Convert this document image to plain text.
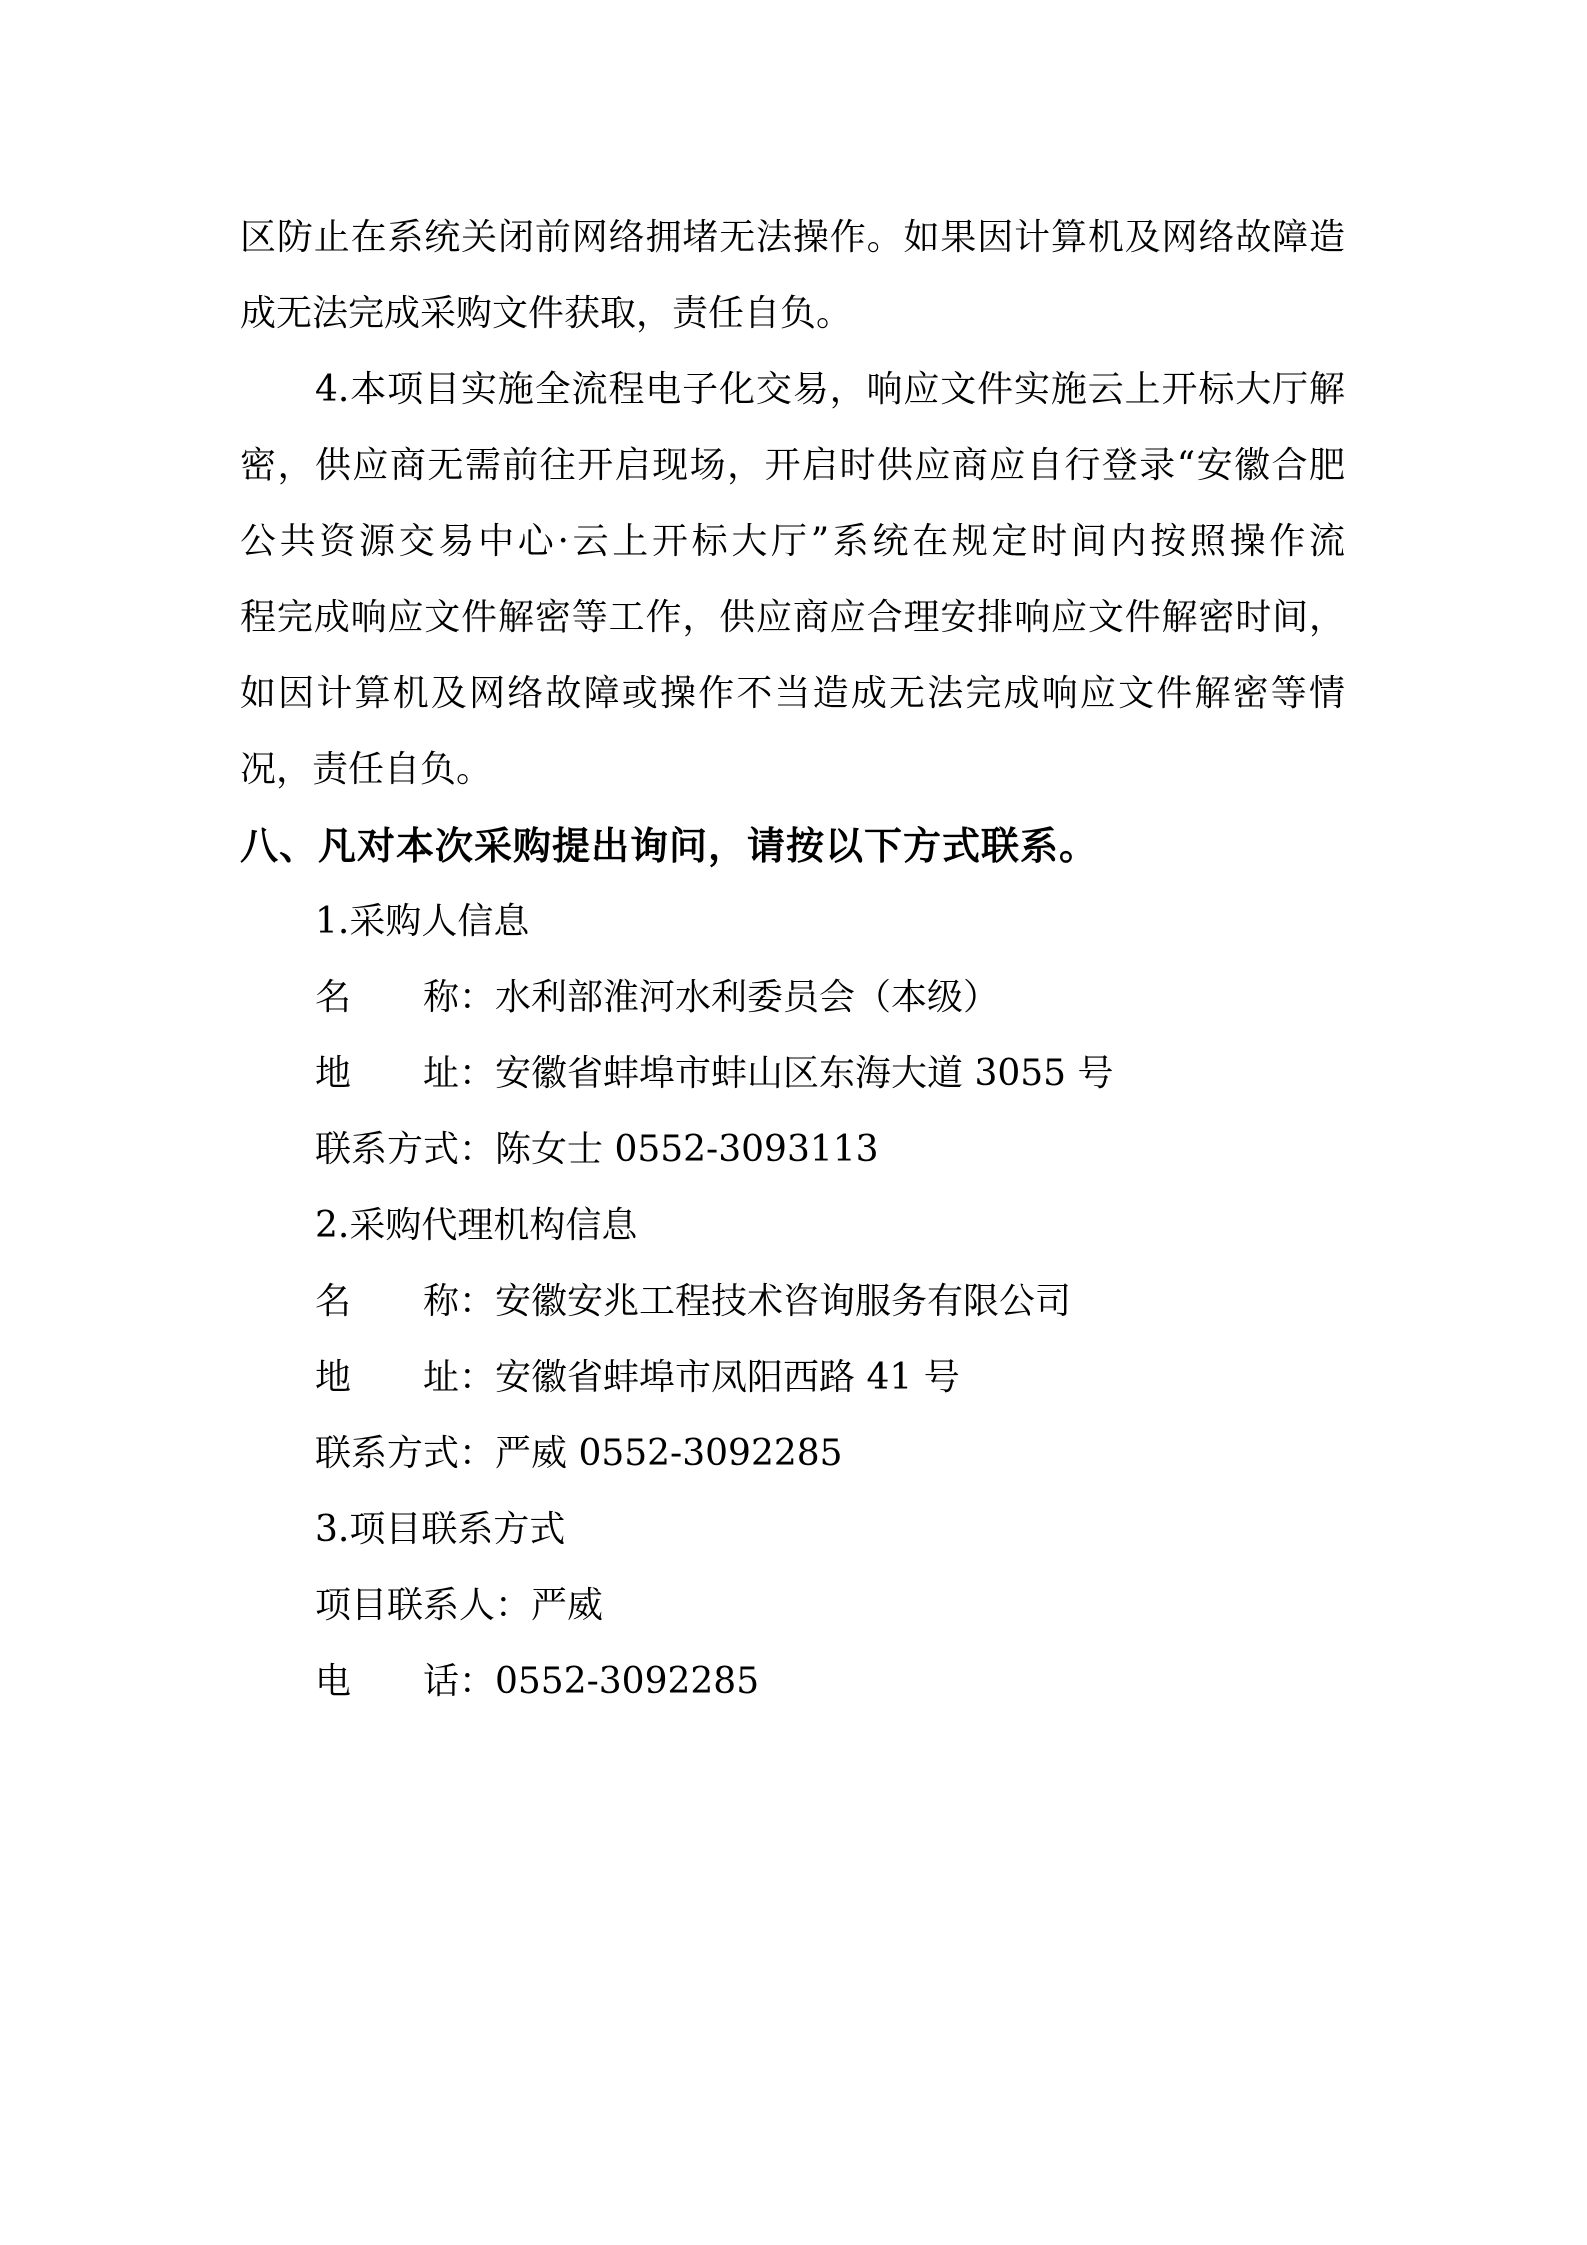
区防止在系统关闭前网络拥堵无法操作。如果因计算机及网络故障造
成无法完成采购文件获取，责任自负。
4.本项目实施全流程电子化交易，响应文件实施云上开标大厅解
密，供应商无需前往开启现场，开启时供应商应自行登录“安徽合肥
公共资源交易中心·云上开标大厅”系统在规定时间内按照操作流
程完成响应文件解密等工作，供应商应合理安排响应文件解密时间，
如因计算机及网络故障或操作不当造成无法完成响应文件解密等情
况，责任自负。
八、凡对本次采购提出询问，请按以下方式联系。
1.采购人信息
名　　称：水利部淮河水利委员会（本级）
地　　址：安徽省蚌埠市蚌山区东海大道 3055 号
联系方式：陈女士 0552-3093113
2.采购代理机构信息
名　　称：安徽安兆工程技术咨询服务有限公司
地　　址：安徽省蚌埠市凤阳西路 41 号
联系方式：严威 0552-3092285
3.项目联系方式
项目联系人：严威
电　　话：0552-3092285
